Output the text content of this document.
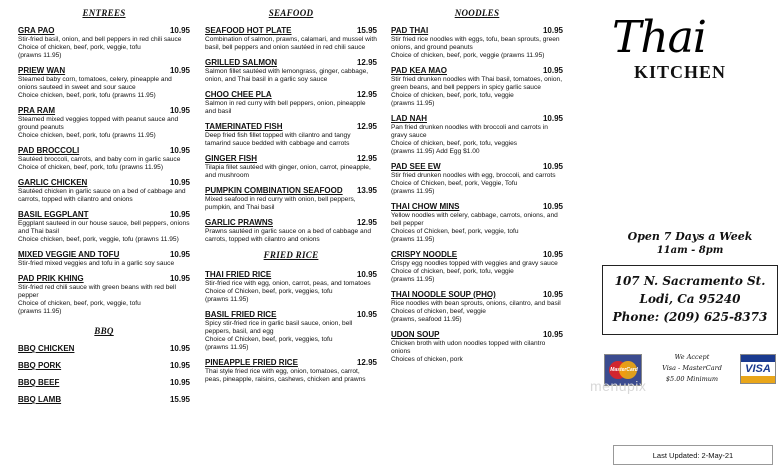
ENTREES
GRA PAO	10.95
Stir-fried basil, onion, and bell peppers in red chili sauce
Choice of chicken, beef, pork, veggie, tofu
(prawns 11.95)
PRIEW WAN	10.95
Steamed baby corn, tomatoes, celery, pineapple and onions sauteed in sweet and sour sauce
Choice chicken, beef, pork, tofu (prawns 11.95)
PRA RAM	10.95
Steamed mixed veggies topped with peanut sauce and ground peanuts
Choice chicken, beef, pork, tofu (prawns 11.95)
PAD BROCCOLI	10.95
Sautéed broccoli, carrots, and baby corn in garlic sauce
Choice of chicken, beef, pork, tofu (prawns 11.95)
GARLIC CHICKEN	10.95
Sautéed chicken in garlic sauce on a bed of cabbage and carrots, topped with cilantro and onions
BASIL EGGPLANT	10.95
Eggplant sauteed in our house sauce, bell peppers, onions and Thai basil
Choice chicken, beef, pork, veggie, tofu (prawns 11.95)
MIXED VEGGIE AND TOFU	10.95
Stir-fried mixed veggies and tofu in a garlic soy sauce
PAD PRIK KHING	10.95
Stir-fried red chili sauce with green beans with red bell pepper
Choice of chicken, beef, pork, veggie, tofu
(prawns 11.95)
BBQ
BBQ CHICKEN	10.95
BBQ PORK	10.95
BBQ BEEF	10.95
BBQ LAMB	15.95
SEAFOOD
SEAFOOD HOT PLATE	15.95
Combination of salmon, prawns, calamari, and mussel with basil, bell peppers and onion sautéed in red chili sauce
GRILLED SALMON	12.95
Salmon fillet sautéed with lemongrass, ginger, cabbage, onion, and Thai basil in a garlic soy sauce
CHOO CHEE PLA	12.95
Salmon in red curry with bell peppers, onion, pineapple and basil
TAMERINATED FISH	12.95
Deep fried fish fillet topped with cilantro and tangy tamarind sauce bedded with cabbage and carrots
GINGER FISH	12.95
Tilapia fillet sautéed with ginger, onion, carrot, pineapple, and mushroom
PUMPKIN COMBINATION SEAFOOD 13.95
Mixed seafood in red curry with onion, bell peppers, pumpkin, and Thai basil
GARLIC PRAWNS	12.95
Prawns sautéed in garlic sauce on a bed of cabbage and carrots, topped with cilantro and onions
FRIED RICE
THAI FRIED RICE	10.95
Stir-fried rice with egg, onion, carrot, peas, and tomatoes
Choice of Chicken, beef, pork, veggies, tofu
(prawns 11.95)
BASIL FRIED RICE	10.95
Spicy stir-fried rice in garlic basil sauce, onion, bell peppers, basil, and egg
Choice of Chicken, beef, pork, veggies, tofu
(prawns 11.95)
PINEAPPLE FRIED RICE	12.95
Thai style fried rice with egg, onion, tomatoes, carrot, peas, pineapple, raisins, cashews, chicken and prawns
NOODLES
PAD THAI	10.95
Stir fried rice noodles with eggs, tofu, bean sprouts, green onions, and ground peanuts
Choice of chicken, beef, pork, veggie (prawns 11.95)
PAD KEA MAO	10.95
Stir fried drunken noodles with Thai basil, tomatoes, onion, green beans, and bell peppers in spicy garlic sauce
Choice of chicken, beef, pork, tofu, veggie
(prawns 11.95)
LAD NAH	10.95
Pan fried drunken noodles with broccoli and carrots in gravy sauce
Choice of chicken, beef, pork, tofu, veggies
(prawns 11.95) Add Egg $1.00
PAD SEE EW	10.95
Stir fried drunken noodles with egg, broccoli, and carrots
Choice of Chicken, beef, pork, Veggie, Tofu
(prawns 11.95)
THAI CHOW MINS	10.95
Yellow noodles with celery, cabbage, carrots, onions, and bell pepper
Choices of Chicken, beef, pork, veggie, tofu
(prawns 11.95)
CRISPY NOODLE	10.95
Crispy egg noodles topped with veggies and gravy sauce
Choice of chicken, beef, pork, tofu, veggie
(prawns 11.95)
THAI NOODLE SOUP (PHO)	10.95
Rice noodles with bean sprouts, onions, cilantro, and basil
Choices of chicken, beef, veggie
(prawns, seafood 11.95)
UDON SOUP	10.95
Chicken broth with udon noodles topped with cilantro onions
Choices of chicken, pork
Thai
KITCHEN
Open 7 Days a Week
11am - 8pm
107 N. Sacramento St.
Lodi, Ca 95240
Phone: (209) 625-8373
MasterCard
We Accept
Visa - MasterCard
$5.00 Minimum
VISA
menupix
Last Updated: 2-May-21
